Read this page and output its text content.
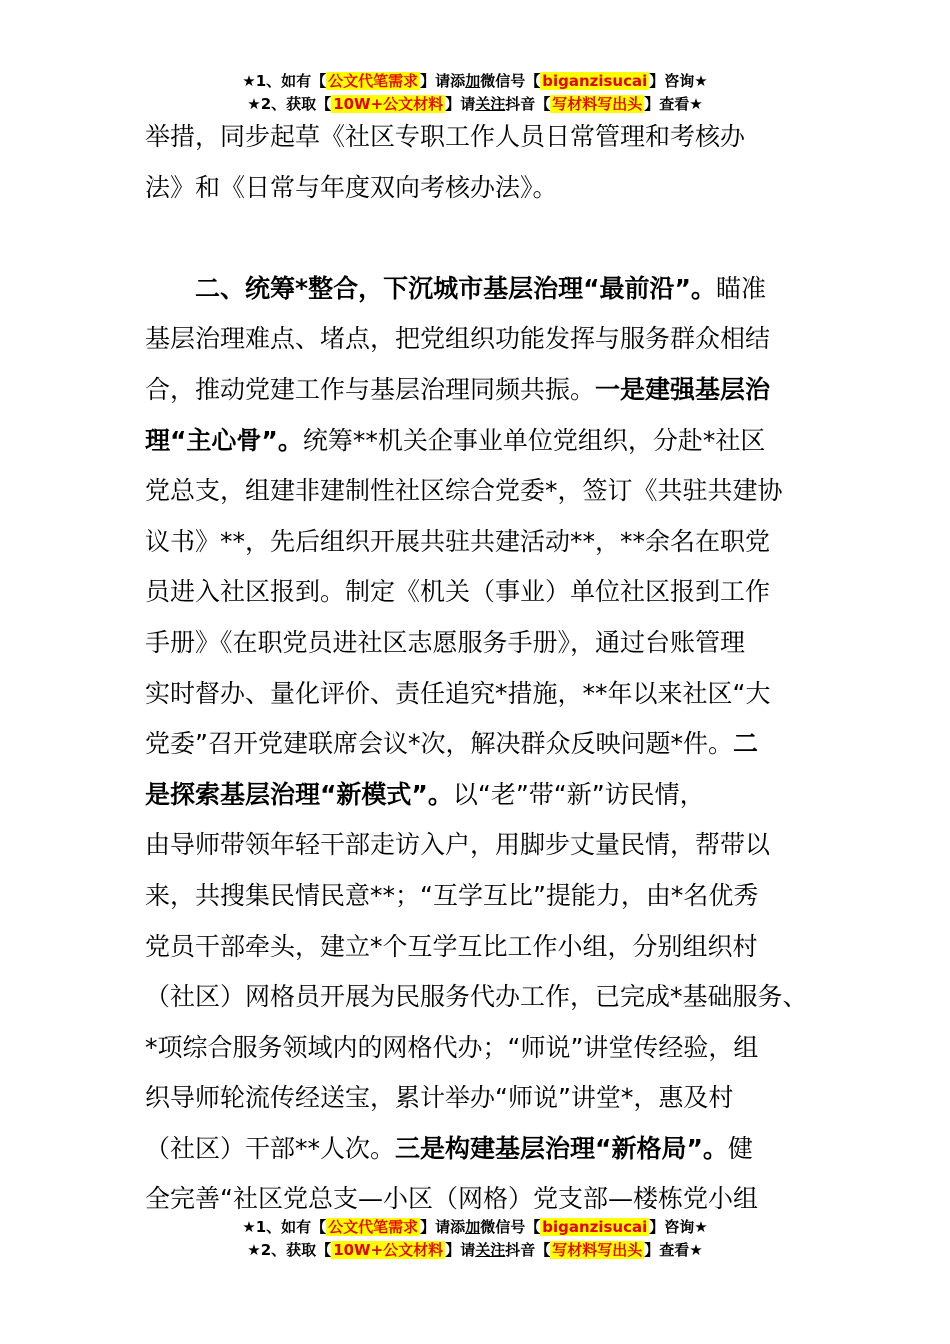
★1、如有【 公文代笔需求 】请添加微信号【 biganzisucai 】咨询★
★2、获取【 10W+公文材料 】请关注抖音【 写材料写出头 】查看★
举措，同步起草《社区专职工作人员日常管理和考核办
法》和《日常与年度双向考核办法》。
　　二、统筹*整合，下沉城市基层治理“最前沿”。瞄准
基层治理难点、堵点，把党组织功能发挥与服务群众相结
合，推动党建工作与基层治理同频共振。一是建强基层治
理“主心骨”。统筹**机关企事业单位党组织，分赴*社区
党总支，组建非建制性社区综合党委*，签订《共驻共建协
议书》**，先后组织开展共驻共建活动**，**余名在职党
员进入社区报到。制定《机关（事业）单位社区报到工作
手册》《在职党员进社区志愿服务手册》，通过台账管理
实时督办、量化评价、责任追究*措施，**年以来社区“大
党委”召开党建联席会议*次，解决群众反映问题*件。二
是探索基层治理“新模式”。以“老”带“新”访民情，
由导师带领年轻干部走访入户，用脚步丈量民情，帮带以
来，共搜集民情民意**；“互学互比”提能力，由*名优秀
党员干部牵头，建立*个互学互比工作小组，分别组织村
（社区）网格员开展为民服务代办工作，已完成*基础服务、
*项综合服务领域内的网格代办；“师说”讲堂传经验，组
织导师轮流传经送宝，累计举办“师说”讲堂*，惠及村
（社区）干部**人次。三是构建基层治理“新格局”。健
全完善“社区党总支—小区（网格）党支部—楼栋党小组
★1、如有【 公文代笔需求 】请添加微信号【 biganzisucai 】咨询★
★2、获取【 10W+公文材料 】请关注抖音【 写材料写出头 】查看★
